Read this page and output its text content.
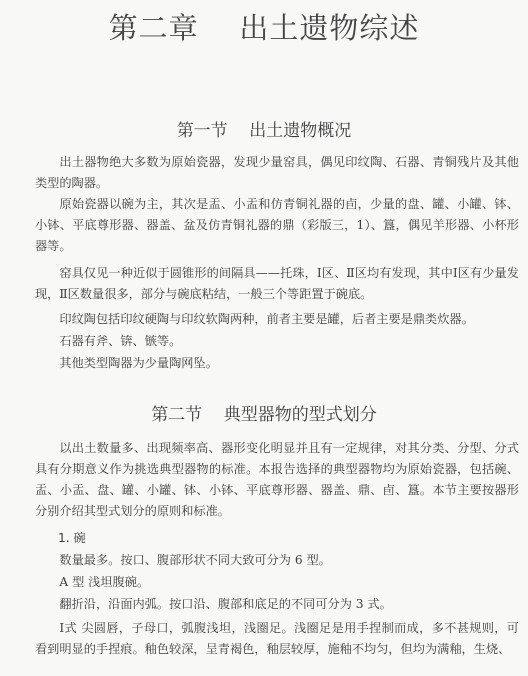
第二章    出土遗物综述
第一节    出土遗物概况

出土器物绝大多数为原始瓷器，发现少量窑具，偶见印纹陶、石器、青铜残片及其他类型的陶器。

原始瓷器以碗为主，其次是盂、小盂和仿青铜礼器的卣，少量的盘、罐、小罐、钵、小钵、平底尊形器、器盖、盆及仿青铜礼器的鼎（彩版三，1）、簋，偶见羊形器、小杯形器等。

窑具仅见一种近似于圆锥形的间隔具——托珠，Ⅰ区、Ⅱ区均有发现，其中Ⅰ区有少量发现，Ⅱ区数量很多，部分与碗底粘结，一般三个等距置于碗底。

印纹陶包括印纹硬陶与印纹软陶两种，前者主要是罐，后者主要是鼎类炊器。

石器有斧、锛、镞等。

其他类型陶器为少量陶网坠。

第二节    典型器物的型式划分

以出土数量多、出现频率高、器形变化明显并且有一定规律，对其分类、分型、分式具有分期意义作为挑选典型器物的标准。本报告选择的典型器物均为原始瓷器，包括碗、盂、小盂、盘、罐、小罐、钵、小钵、平底尊形器、器盖、鼎、卣、簋。本节主要按器形分别介绍其型式划分的原则和标准。

1. 碗

数量最多。按口、腹部形状不同大致可分为 6 型。

A 型 浅坦腹碗。

翻折沿，沿面内弧。按口沿、腹部和底足的不同可分为 3 式。

Ⅰ式 尖圆唇，子母口，弧腹浅坦，浅圈足。浅圈足是用手捏制而成，多不甚规则，可看到明显的手捏痕。釉色较深，呈青褐色，釉层较厚，施釉不均匀，但均为满釉，生烧、
